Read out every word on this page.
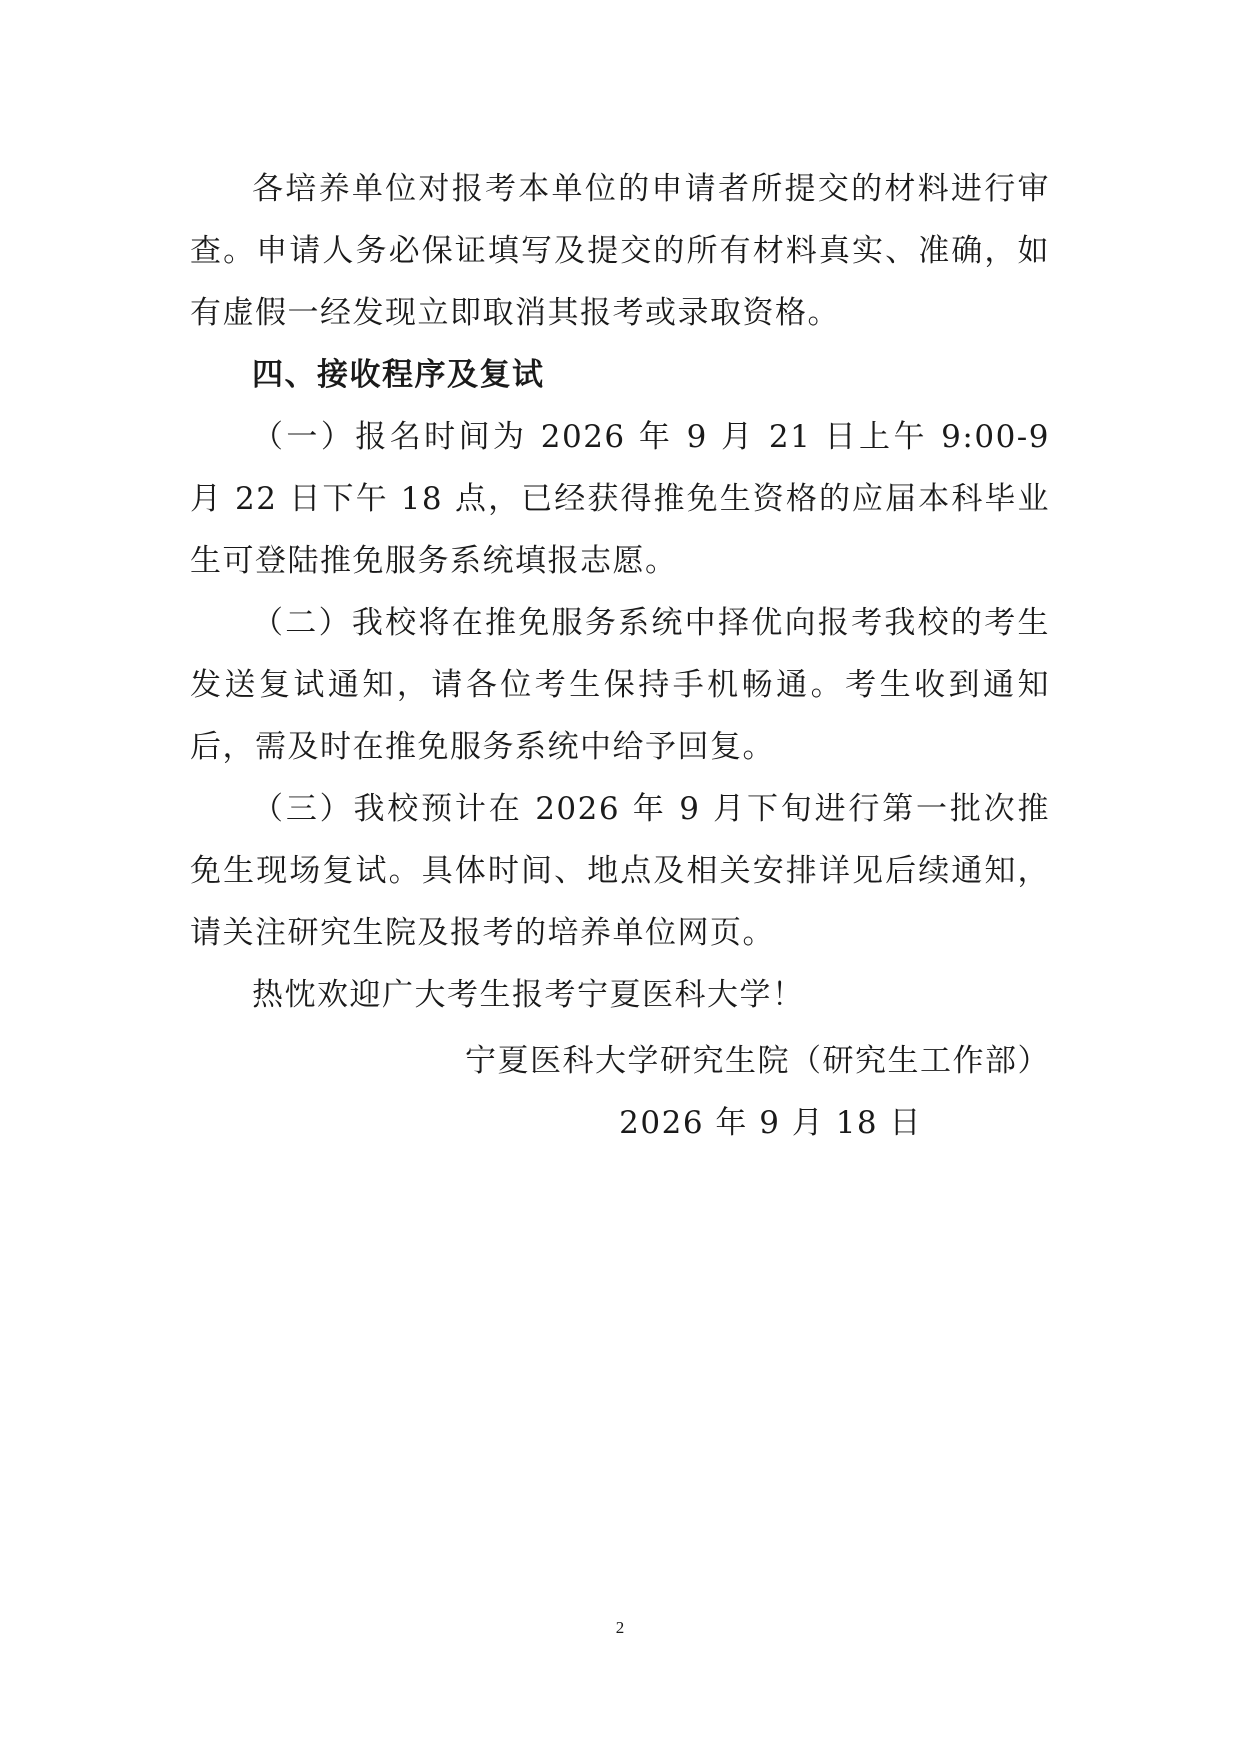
各培养单位对报考本单位的申请者所提交的材料进行审查。申请人务必保证填写及提交的所有材料真实、准确，如有虚假一经发现立即取消其报考或录取资格。

四、接收程序及复试

（一）报名时间为 2026 年 9 月 21 日上午 9:00-9 月 22 日下午 18 点，已经获得推免生资格的应届本科毕业生可登陆推免服务系统填报志愿。

（二）我校将在推免服务系统中择优向报考我校的考生发送复试通知，请各位考生保持手机畅通。考生收到通知后，需及时在推免服务系统中给予回复。

（三）我校预计在 2026 年 9 月下旬进行第一批次推免生现场复试。具体时间、地点及相关安排详见后续通知，请关注研究生院及报考的培养单位网页。

热忱欢迎广大考生报考宁夏医科大学！

宁夏医科大学研究生院（研究生工作部）

2026 年 9 月 18 日

2
